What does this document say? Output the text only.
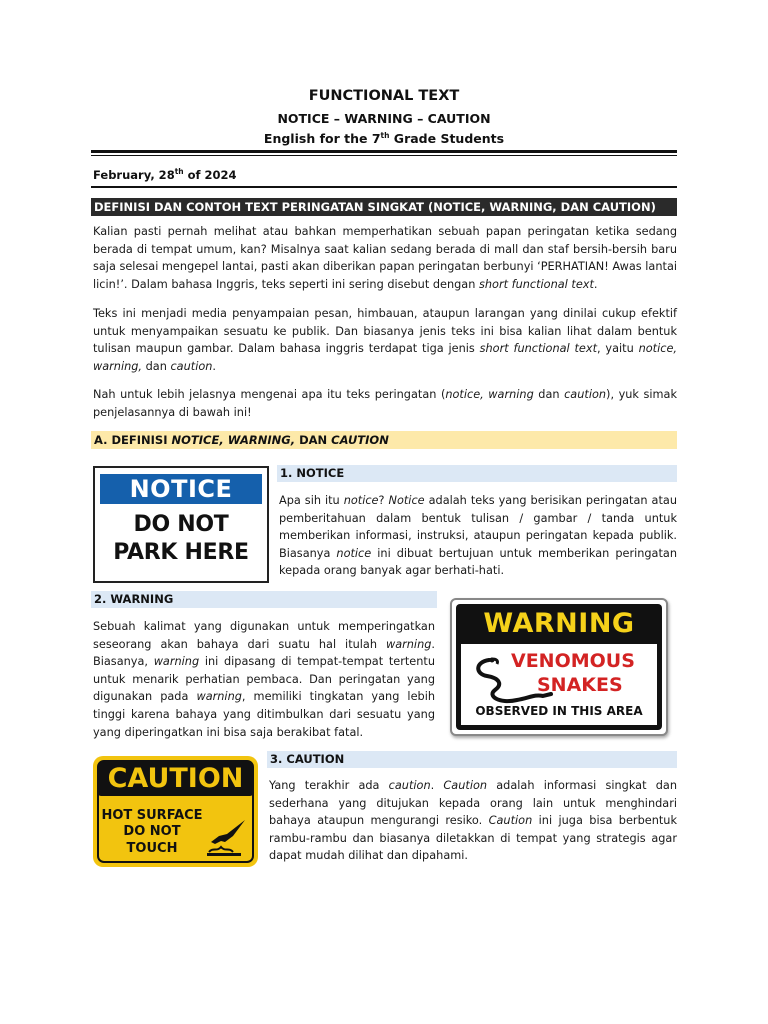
FUNCTIONAL TEXT
NOTICE – WARNING – CAUTION
English for the 7th Grade Students
February, 28th of 2024
DEFINISI DAN CONTOH TEXT PERINGATAN SINGKAT (NOTICE, WARNING, DAN CAUTION)

Kalian pasti pernah melihat atau bahkan memperhatikan sebuah papan peringatan ketika sedang berada di tempat umum, kan? Misalnya saat kalian sedang berada di mall dan staf bersih-bersih baru saja selesai mengepel lantai, pasti akan diberikan papan peringatan berbunyi ‘PERHATIAN! Awas lantai licin!’. Dalam bahasa Inggris, teks seperti ini sering disebut dengan short functional text.

Teks ini menjadi media penyampaian pesan, himbauan, ataupun larangan yang dinilai cukup efektif untuk menyampaikan sesuatu ke publik. Dan biasanya jenis teks ini bisa kalian lihat dalam bentuk tulisan maupun gambar. Dalam bahasa inggris terdapat tiga jenis short functional text, yaitu notice, warning, dan caution.

Nah untuk lebih jelasnya mengenai apa itu teks peringatan (notice, warning dan caution), yuk simak penjelasannya di bawah ini!

A. DEFINISI NOTICE, WARNING, DAN CAUTION
NOTICE
DO NOT
PARK HERE
1. NOTICE

Apa sih itu notice? Notice adalah teks yang berisikan peringatan atau pemberitahuan dalam bentuk tulisan / gambar / tanda untuk memberikan informasi, instruksi, ataupun peringatan kepada publik. Biasanya notice ini dibuat bertujuan untuk memberikan peringatan kepada orang banyak agar berhati-hati.

2. WARNING

Sebuah kalimat yang digunakan untuk memperingatkan seseorang akan bahaya dari suatu hal itulah warning. Biasanya, warning ini dipasang di tempat-tempat tertentu untuk menarik perhatian pembaca. Dan peringatan yang digunakan pada warning, memiliki tingkatan yang lebih tinggi karena bahaya yang ditimbulkan dari sesuatu yang yang diperingatkan ini bisa saja berakibat fatal.

WARNING
VENOMOUS
SNAKES
OBSERVED IN THIS AREA
CAUTION
HOT SURFACE
DO NOT
TOUCH
3. CAUTION

Yang terakhir ada caution. Caution adalah informasi singkat dan sederhana yang ditujukan kepada orang lain untuk menghindari bahaya ataupun mengurangi resiko. Caution ini juga bisa berbentuk rambu-rambu dan biasanya diletakkan di tempat yang strategis agar dapat mudah dilihat dan dipahami.
